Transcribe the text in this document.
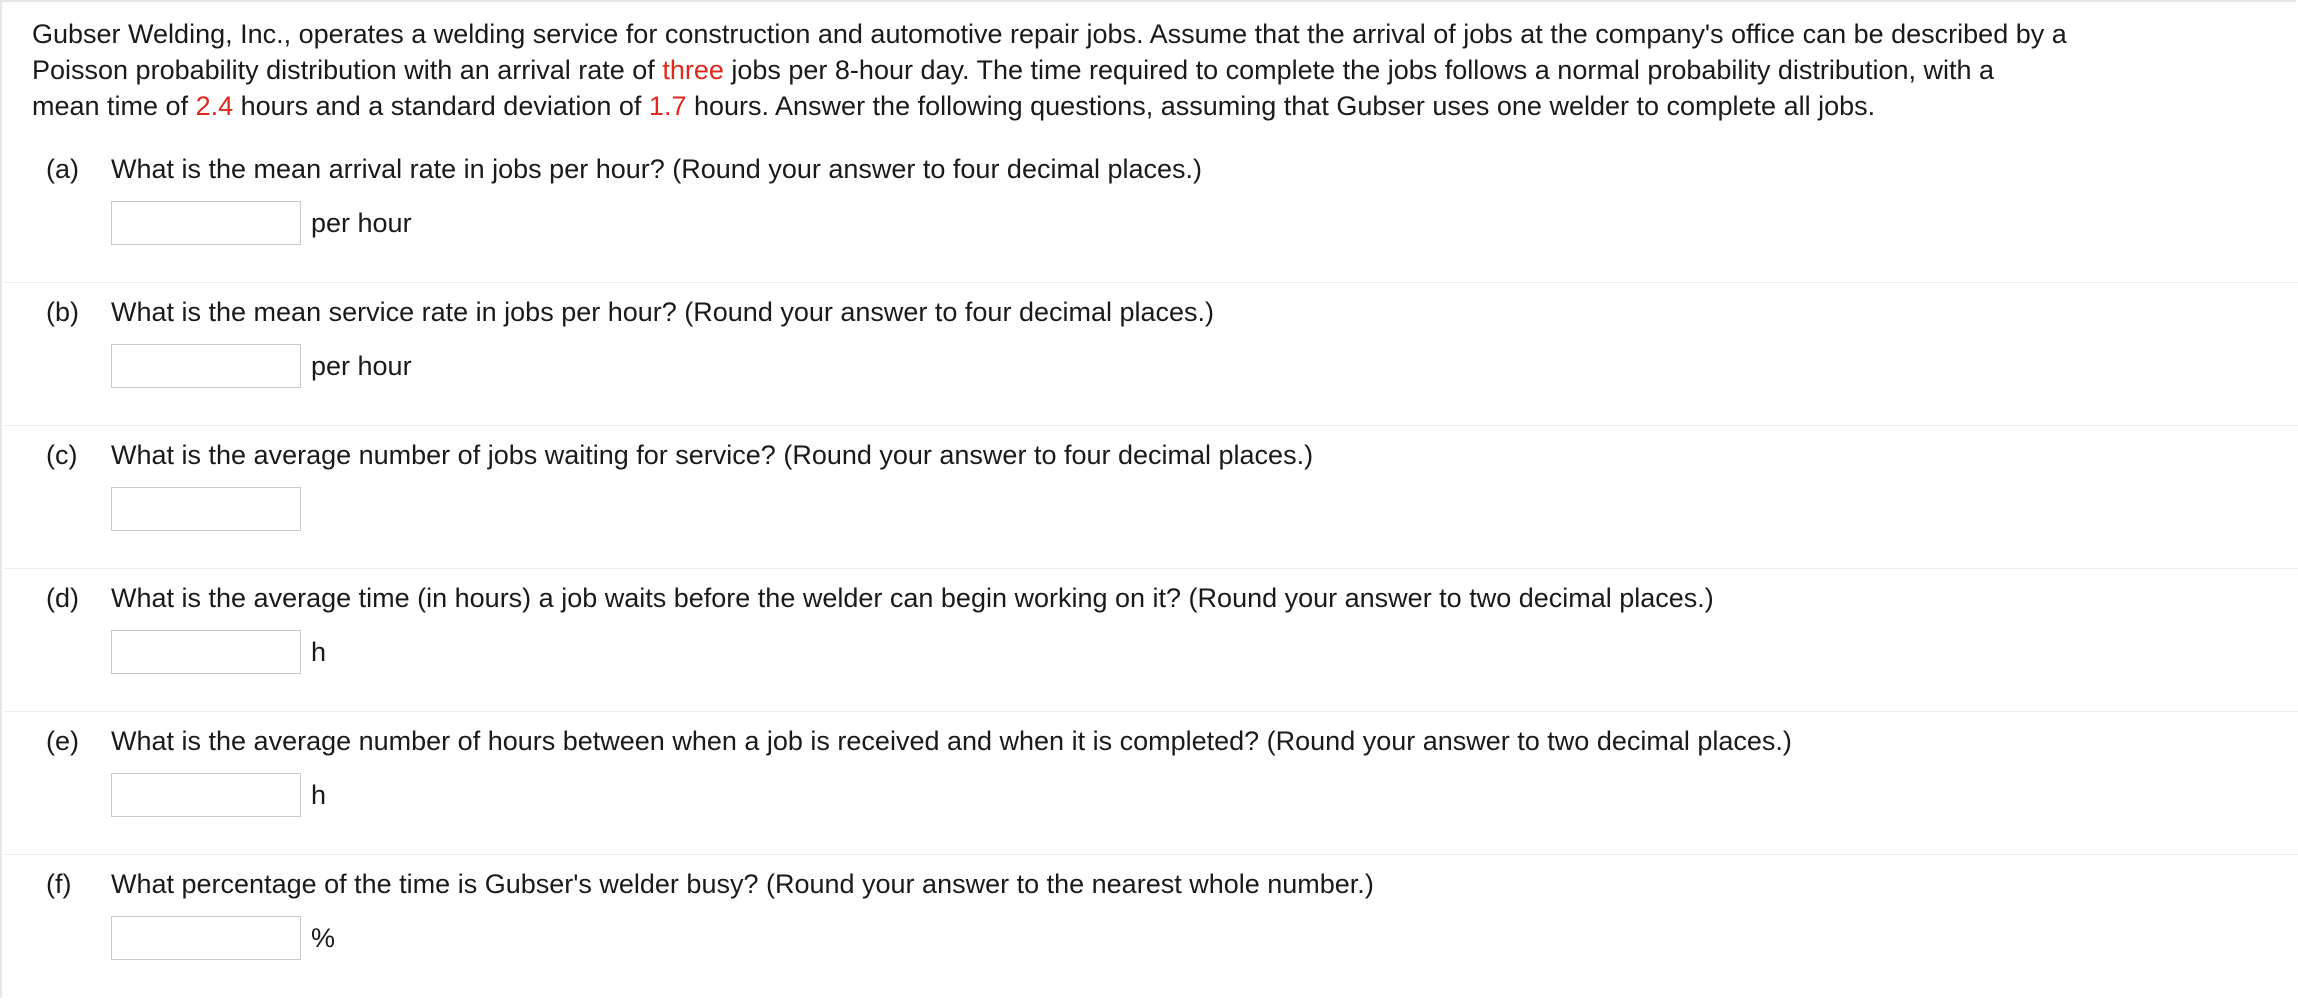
Gubser Welding, Inc., operates a welding service for construction and automotive repair jobs. Assume that the arrival of jobs at the company's office can be described by a

Poisson probability distribution with an arrival rate of three jobs per 8-hour day. The time required to complete the jobs follows a normal probability distribution, with a

mean time of 2.4 hours and a standard deviation of 1.7 hours. Answer the following questions, assuming that Gubser uses one welder to complete all jobs.

(a) What is the mean arrival rate in jobs per hour? (Round your answer to four decimal places.)
per hour
(b) What is the mean service rate in jobs per hour? (Round your answer to four decimal places.)
per hour
(c) What is the average number of jobs waiting for service? (Round your answer to four decimal places.)
(d) What is the average time (in hours) a job waits before the welder can begin working on it? (Round your answer to two decimal places.)
h
(e) What is the average number of hours between when a job is received and when it is completed? (Round your answer to two decimal places.)
h
(f) What percentage of the time is Gubser's welder busy? (Round your answer to the nearest whole number.)
%
